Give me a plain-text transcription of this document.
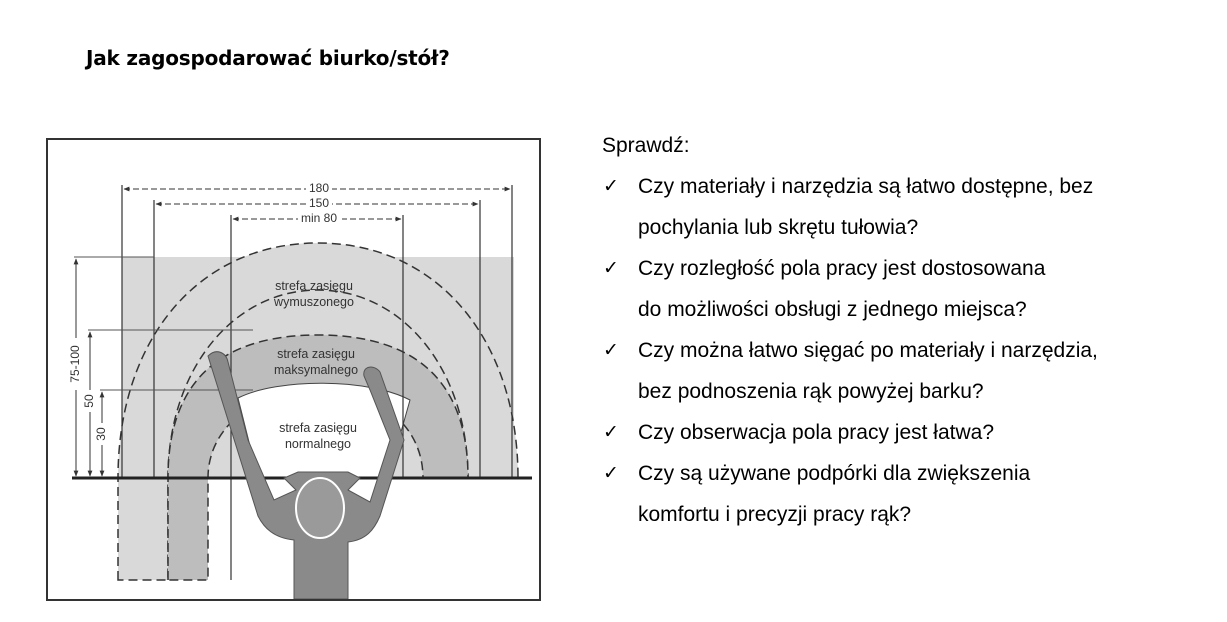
Jak zagospodarować biurko/stół?
180
150
min 80
75-100
50
30
strefa zasięgu
wymuszonego
strefa zasięgu
maksymalnego
strefa zasięgu
normalnego
Sprawdź:
✓ Czy materiały i narzędzia są łatwo dostępne, bez
pochylania lub skrętu tułowia?
✓ Czy rozległość pola pracy jest dostosowana
do możliwości obsługi z jednego miejsca?
✓ Czy można łatwo sięgać po materiały i narzędzia,
bez podnoszenia rąk powyżej barku?
✓ Czy obserwacja pola pracy jest łatwa?
✓ Czy są używane podpórki dla zwiększenia
komfortu i precyzji pracy rąk?
